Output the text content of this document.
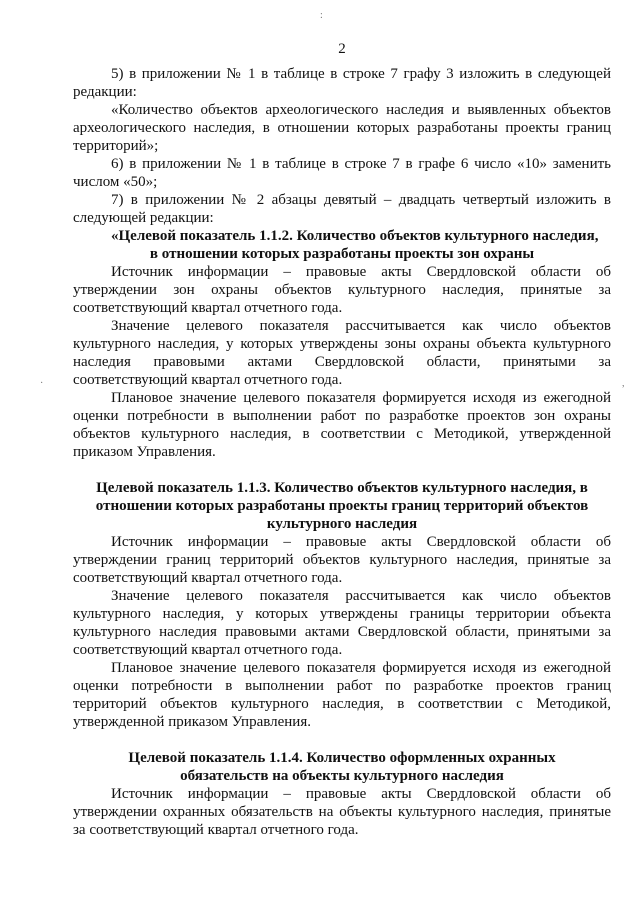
:
·	,
2

5) в приложении № 1 в таблице в строке 7 графу 3 изложить в следующей редакции:

«Количество объектов археологического наследия и выявленных объектов археологического наследия, в отношении которых разработаны проекты границ территорий»;

6) в приложении № 1 в таблице в строке 7 в графе 6 число «10» заменить числом «50»;

7) в приложении № 2 абзацы девятый – двадцать четвертый изложить в следующей редакции:

«Целевой показатель 1.1.2. Количество объектов культурного наследия,
в отношении которых разработаны проекты зон охраны

Источник информации – правовые акты Свердловской области об утверждении зон охраны объектов культурного наследия, принятые за соответствующий квартал отчетного года.

Значение целевого показателя рассчитывается как число объектов культурного наследия, у которых утверждены зоны охраны объекта культурного наследия правовыми актами Свердловской области, принятыми за соответствующий квартал отчетного года.

Плановое значение целевого показателя формируется исходя из ежегодной оценки потребности в выполнении работ по разработке проектов зон охраны объектов культурного наследия, в соответствии с Методикой, утвержденной приказом Управления.

Целевой показатель 1.1.3. Количество объектов культурного наследия, в отношении которых разработаны проекты границ территорий объектов культурного наследия

Источник информации – правовые акты Свердловской области об утверждении границ территорий объектов культурного наследия, принятые за соответствующий квартал отчетного года.

Значение целевого показателя рассчитывается как число объектов культурного наследия, у которых утверждены границы территории объекта культурного наследия правовыми актами Свердловской области, принятыми за соответствующий квартал отчетного года.

Плановое значение целевого показателя формируется исходя из ежегодной оценки потребности в выполнении работ по разработке проектов границ территорий объектов культурного наследия, в соответствии с Методикой, утвержденной приказом Управления.

Целевой показатель 1.1.4. Количество оформленных охранных обязательств на объекты культурного наследия

Источник информации – правовые акты Свердловской области об утверждении охранных обязательств на объекты культурного наследия, принятые за соответствующий квартал отчетного года.
